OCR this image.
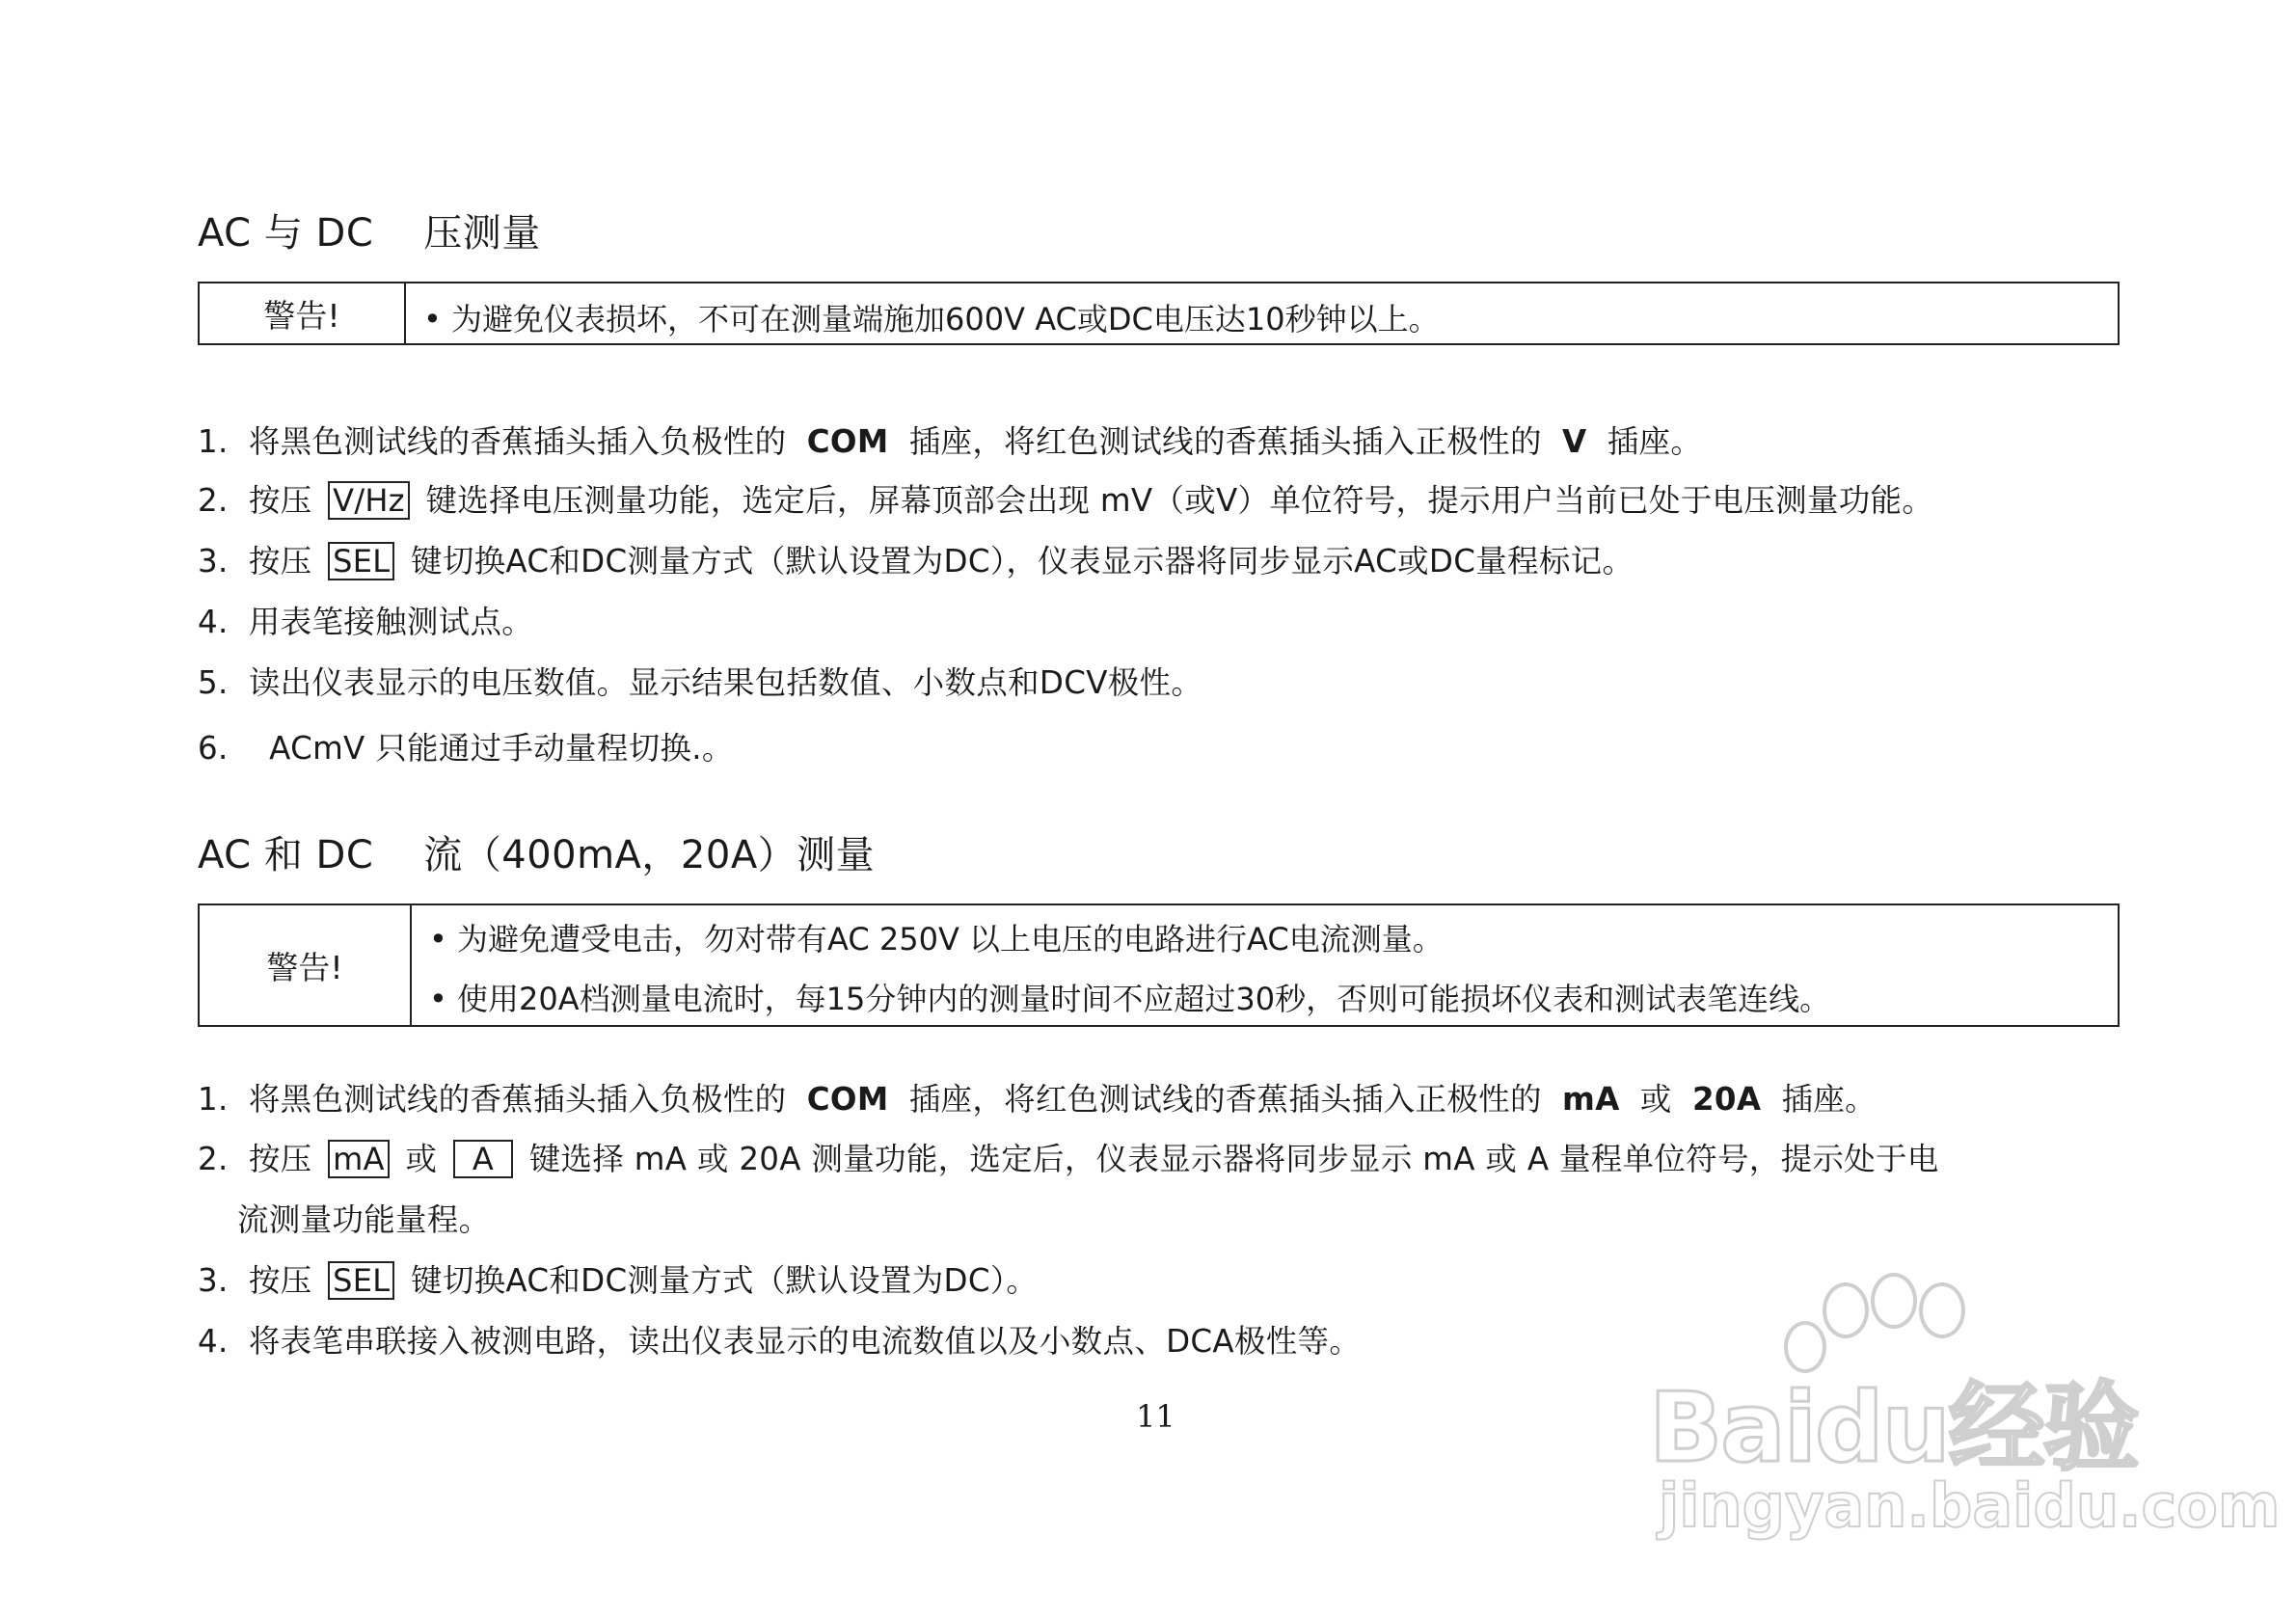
AC 与 DC 压测量
警告!	• 为避免仪表损坏，不可在测量端施加600V AC或DC电压达10秒钟以上。
1. 将黑色测试线的香蕉插头插入负极性的 COM 插座，将红色测试线的香蕉插头插入正极性的 V 插座。
2. 按压 V/Hz 键选择电压测量功能，选定后，屏幕顶部会出现 mV（或V）单位符号，提示用户当前已处于电压测量功能。
3. 按压 SEL 键切换AC和DC测量方式（默认设置为DC），仪表显示器将同步显示AC或DC量程标记。
4. 用表笔接触测试点。
5. 读出仪表显示的电压数值。显示结果包括数值、小数点和DCV极性。
6. ACmV 只能通过手动量程切换.。
AC 和 DC 流（400mA，20A）测量
警告!
• 为避免遭受电击，勿对带有AC 250V 以上电压的电路进行AC电流测量。
• 使用20A档测量电流时，每15分钟内的测量时间不应超过30秒，否则可能损坏仪表和测试表笔连线。
1. 将黑色测试线的香蕉插头插入负极性的 COM 插座，将红色测试线的香蕉插头插入正极性的 mA 或 20A 插座。
2. 按压 mA 或 A 键选择 mA 或 20A 测量功能，选定后，仪表显示器将同步显示 mA 或 A 量程单位符号，提示处于电
流测量功能量程。
3. 按压 SEL 键切换AC和DC测量方式（默认设置为DC）。
4. 将表笔串联接入被测电路，读出仪表显示的电流数值以及小数点、DCA极性等。
11	Baidu经验
jingyan.baidu.com
